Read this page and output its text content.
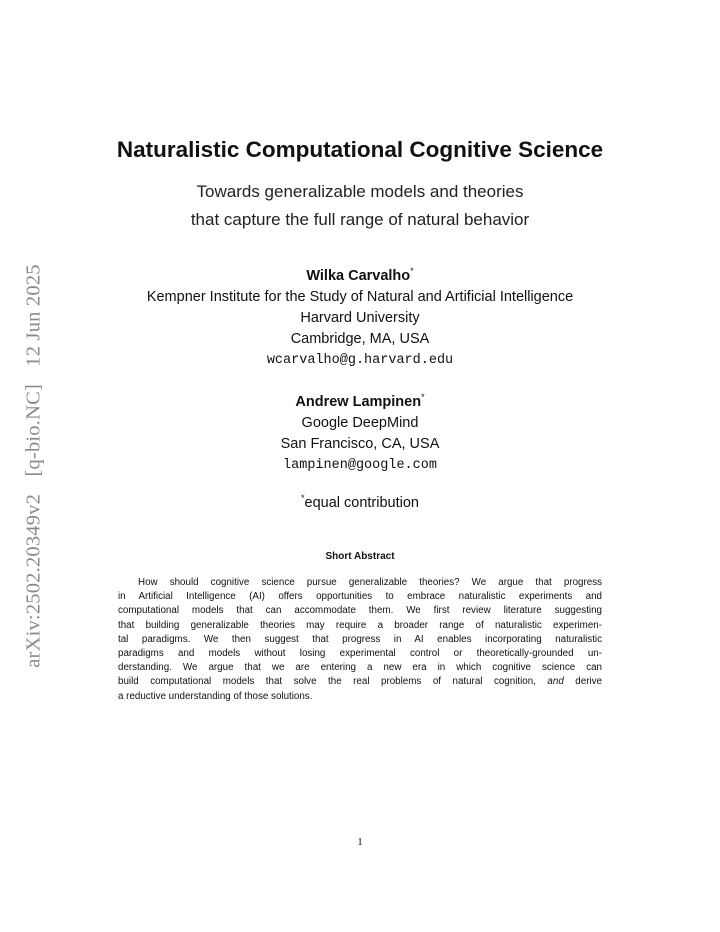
arXiv:2502.20349v2 [q-bio.NC] 12 Jun 2025
Naturalistic Computational Cognitive Science
Towards generalizable models and theories
that capture the full range of natural behavior
Wilka Carvalho*
Kempner Institute for the Study of Natural and Artificial Intelligence
Harvard University
Cambridge, MA, USA
wcarvalho@g.harvard.edu
Andrew Lampinen*
Google DeepMind
San Francisco, CA, USA
lampinen@google.com
*equal contribution
Short Abstract
How should cognitive science pursue generalizable theories? We argue that progress
in Artificial Intelligence (AI) offers opportunities to embrace naturalistic experiments and
computational models that can accommodate them. We first review literature suggesting
that building generalizable theories may require a broader range of naturalistic experimen-
tal paradigms. We then suggest that progress in AI enables incorporating naturalistic
paradigms and models without losing experimental control or theoretically-grounded un-
derstanding. We argue that we are entering a new era in which cognitive science can
build computational models that solve the real problems of natural cognition, and derive
a reductive understanding of those solutions.
1
